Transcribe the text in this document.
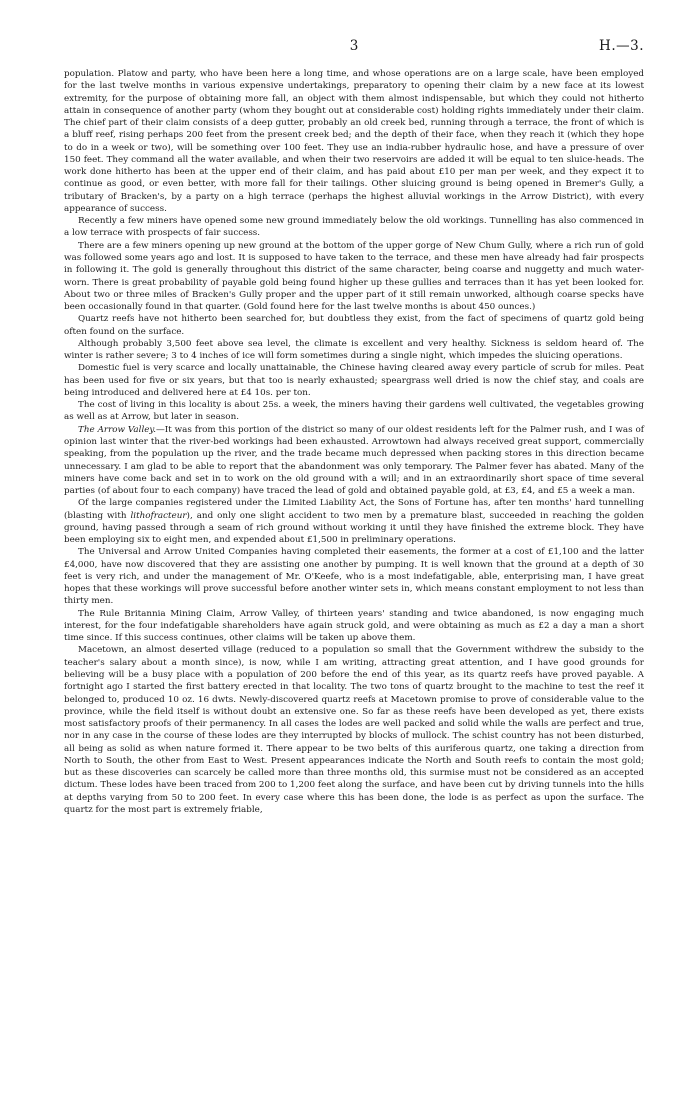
3	H.—3.

population. Platow and party, who have been here a long time, and whose operations are on a large scale, have been employed for the last twelve months in various expensive undertakings, preparatory to opening their claim by a new face at its lowest extremity, for the purpose of obtaining more fall, an object with them almost indispensable, but which they could not hitherto attain in consequence of another party (whom they bought out at considerable cost) holding rights immediately under their claim. The chief part of their claim consists of a deep gutter, probably an old creek bed, running through a terrace, the front of which is a bluff reef, rising perhaps 200 feet from the present creek bed; and the depth of their face, when they reach it (which they hope to do in a week or two), will be something over 100 feet. They use an india-rubber hydraulic hose, and have a pressure of over 150 feet. They command all the water available, and when their two reservoirs are added it will be equal to ten sluice-heads. The work done hitherto has been at the upper end of their claim, and has paid about £10 per man per week, and they expect it to continue as good, or even better, with more fall for their tailings. Other sluicing ground is being opened in Bremer's Gully, a tributary of Bracken's, by a party on a high terrace (perhaps the highest alluvial workings in the Arrow District), with every appearance of success.

Recently a few miners have opened some new ground immediately below the old workings. Tunnelling has also commenced in a low terrace with prospects of fair success.

There are a few miners opening up new ground at the bottom of the upper gorge of New Chum Gully, where a rich run of gold was followed some years ago and lost. It is supposed to have taken to the terrace, and these men have already had fair prospects in following it. The gold is generally throughout this district of the same character, being coarse and nuggetty and much water-worn. There is great probability of payable gold being found higher up these gullies and terraces than it has yet been looked for. About two or three miles of Bracken's Gully proper and the upper part of it still remain unworked, although coarse specks have been occasionally found in that quarter. (Gold found here for the last twelve months is about 450 ounces.)

Quartz reefs have not hitherto been searched for, but doubtless they exist, from the fact of specimens of quartz gold being often found on the surface.

Although probably 3,500 feet above sea level, the climate is excellent and very healthy. Sickness is seldom heard of. The winter is rather severe; 3 to 4 inches of ice will form sometimes during a single night, which impedes the sluicing operations.

Domestic fuel is very scarce and locally unattainable, the Chinese having cleared away every particle of scrub for miles. Peat has been used for five or six years, but that too is nearly exhausted; speargrass well dried is now the chief stay, and coals are being introduced and delivered here at £4 10s. per ton.

The cost of living in this locality is about 25s. a week, the miners having their gardens well cultivated, the vegetables growing as well as at Arrow, but later in season.

The Arrow Valley.—It was from this portion of the district so many of our oldest residents left for the Palmer rush, and I was of opinion last winter that the river-bed workings had been exhausted. Arrowtown had always received great support, commercially speaking, from the population up the river, and the trade became much depressed when packing stores in this direction became unnecessary. I am glad to be able to report that the abandonment was only temporary. The Palmer fever has abated. Many of the miners have come back and set in to work on the old ground with a will; and in an extraordinarily short space of time several parties (of about four to each company) have traced the lead of gold and obtained payable gold, at £3, £4, and £5 a week a man.

Of the large companies registered under the Limited Liability Act, the Sons of Fortune has, after ten months' hard tunnelling (blasting with lithofracteur), and only one slight accident to two men by a premature blast, succeeded in reaching the golden ground, having passed through a seam of rich ground without working it until they have finished the extreme block. They have been employing six to eight men, and expended about £1,500 in preliminary operations.

The Universal and Arrow United Companies having completed their easements, the former at a cost of £1,100 and the latter £4,000, have now discovered that they are assisting one another by pumping. It is well known that the ground at a depth of 30 feet is very rich, and under the management of Mr. O'Keefe, who is a most indefatigable, able, enterprising man, I have great hopes that these workings will prove successful before another winter sets in, which means constant employment to not less than thirty men.

The Rule Britannia Mining Claim, Arrow Valley, of thirteen years' standing and twice abandoned, is now engaging much interest, for the four indefatigable shareholders have again struck gold, and were obtaining as much as £2 a day a man a short time since. If this success continues, other claims will be taken up above them.

Macetown, an almost deserted village (reduced to a population so small that the Government withdrew the subsidy to the teacher's salary about a month since), is now, while I am writing, attracting great attention, and I have good grounds for believing will be a busy place with a population of 200 before the end of this year, as its quartz reefs have proved payable. A fortnight ago I started the first battery erected in that locality. The two tons of quartz brought to the machine to test the reef it belonged to, produced 10 oz. 16 dwts. Newly-discovered quartz reefs at Macetown promise to prove of considerable value to the province, while the field itself is without doubt an extensive one. So far as these reefs have been developed as yet, there exists most satisfactory proofs of their permanency. In all cases the lodes are well packed and solid while the walls are perfect and true, nor in any case in the course of these lodes are they interrupted by blocks of mullock. The schist country has not been disturbed, all being as solid as when nature formed it. There appear to be two belts of this auriferous quartz, one taking a direction from North to South, the other from East to West. Present appearances indicate the North and South reefs to contain the most gold; but as these discoveries can scarcely be called more than three months old, this surmise must not be considered as an accepted dictum. These lodes have been traced from 200 to 1,200 feet along the surface, and have been cut by driving tunnels into the hills at depths varying from 50 to 200 feet. In every case where this has been done, the lode is as perfect as upon the surface. The quartz for the most part is extremely friable,
